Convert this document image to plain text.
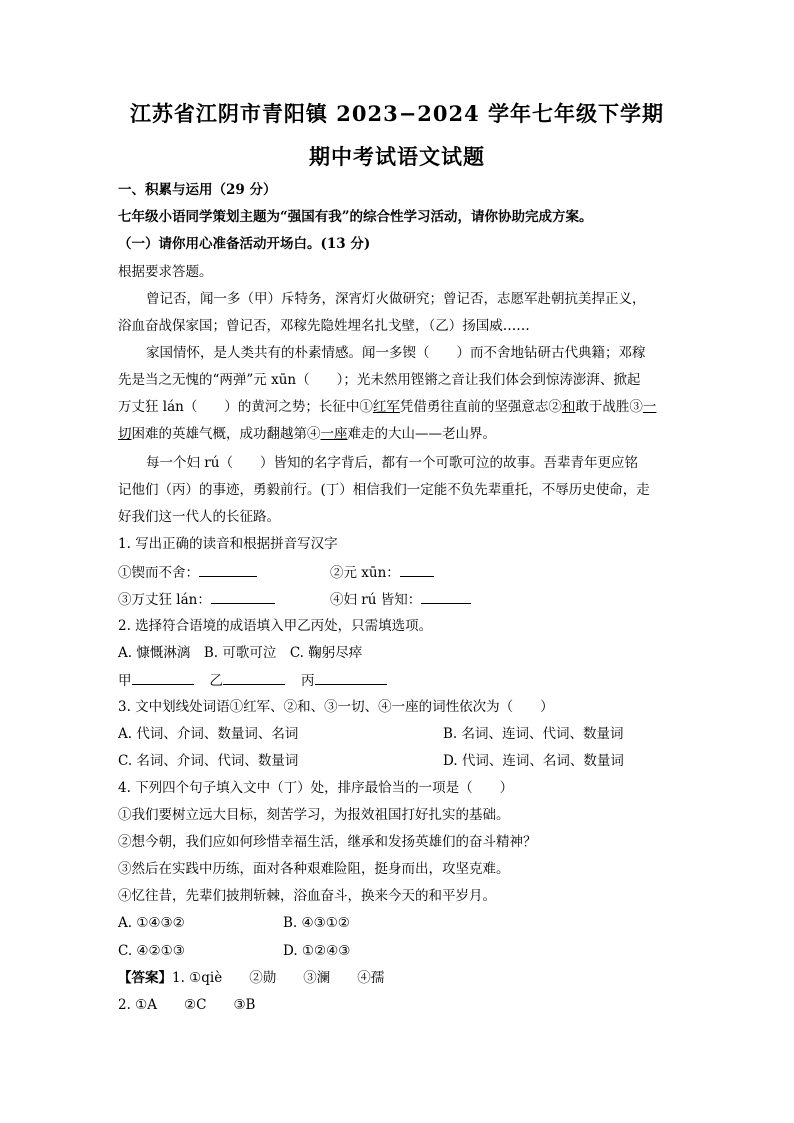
江苏省江阴市青阳镇 2023−2024 学年七年级下学期
期中考试语文试题
一、积累与运用（29 分）
七年级小语同学策划主题为“强国有我”的综合性学习活动，请你协助完成方案。
（一）请你用心准备活动开场白。(13 分)
根据要求答题。
曾记否，闻一多（甲）斥特务，深宵灯火做研究；曾记否，志愿军赴朝抗美捍正义，
浴血奋战保家国；曾记否，邓稼先隐姓埋名扎戈壁，（乙）扬国威……
家国情怀，是人类共有的朴素情感。闻一多锲（　　）而不舍地钻研古代典籍；邓稼
先是当之无愧的“两弹”元 xūn（　　）；光未然用铿锵之音让我们体会到惊涛澎湃、掀起
万丈狂 lán（　　）的黄河之势；长征中①红军凭借勇往直前的坚强意志②和敢于战胜③一
切困难的英雄气概，成功翻越第④一座难走的大山——老山界。
每一个妇 rú（　　）皆知的名字背后，都有一个可歌可泣的故事。吾辈青年更应铭
记他们（丙）的事迹，勇毅前行。(丁）相信我们一定能不负先辈重托，不辱历史使命，走
好我们这一代人的长征路。
1. 写出正确的读音和根据拼音写汉字
①锲而不舍：	②元 xūn：
③万丈狂 lán：	④妇 rú 皆知：
2. 选择符合语境的成语填入甲乙丙处，只需填选项。
A. 慷慨淋漓　B. 可歌可泣　C. 鞠躬尽瘁
甲	乙	丙
3. 文中划线处词语①红军、②和、③一切、④一座的词性依次为（　　）
A. 代词、介词、数量词、名词	B. 名词、连词、代词、数量词
C. 名词、介词、代词、数量词	D. 代词、连词、名词、数量词
4. 下列四个句子填入文中（丁）处，排序最恰当的一项是（　　）
①我们要树立远大目标，刻苦学习，为报效祖国打好扎实的基础。
②想今朝，我们应如何珍惜幸福生活，继承和发扬英雄们的奋斗精神？
③然后在实践中历练，面对各种艰难险阻，挺身而出，攻坚克难。
④忆往昔，先辈们披荆斩棘，浴血奋斗，换来今天的和平岁月。
A. ①④③②	B. ④③①②
C. ④②①③	D. ①②④③
【答案】1. ①qiè　　②勋　　③澜　　④孺
2. ①A　　②C　　③B
